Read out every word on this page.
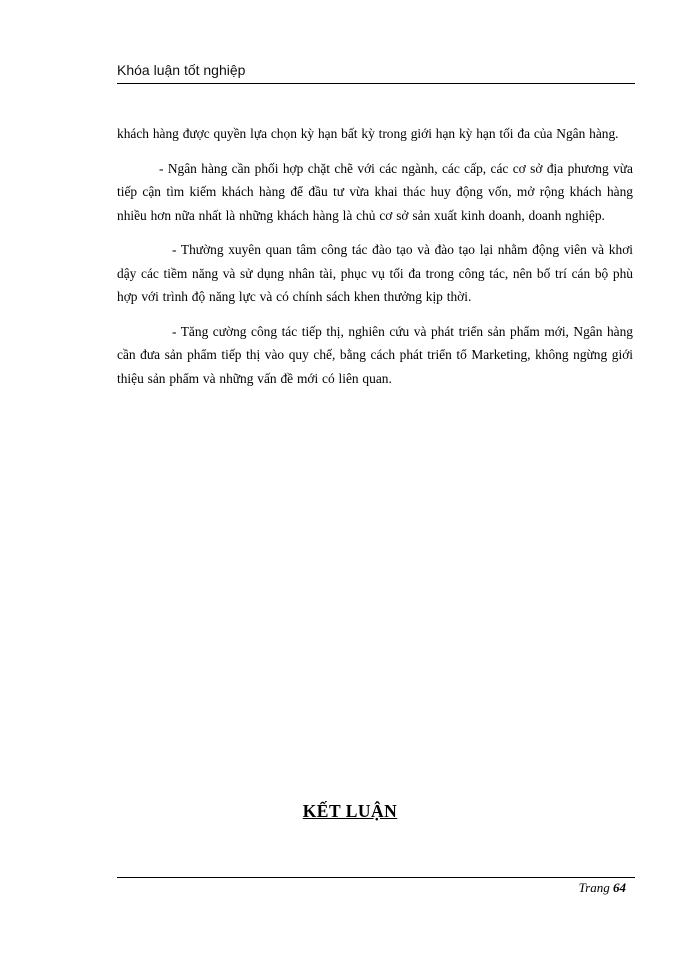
Khóa luận tốt nghiệp

khách hàng được quyền lựa chọn kỳ hạn bất kỳ trong giới hạn kỳ hạn tối đa của Ngân hàng.

- Ngân hàng cần phối hợp chặt chẽ với các ngành, các cấp, các cơ sở địa phương vừa tiếp cận tìm kiếm khách hàng để đầu tư vừa khai thác huy động vốn, mở rộng khách hàng nhiều hơn nữa nhất là những khách hàng là chủ cơ sở sản xuất kinh doanh, doanh nghiệp.

- Thường xuyên quan tâm công tác đào tạo và đào tạo lại nhằm động viên và khơi dậy các tiềm năng và sử dụng nhân tài, phục vụ tối đa trong công tác, nên bố trí cán bộ phù hợp với trình độ năng lực và có chính sách khen thưởng kịp thời.

- Tăng cường công tác tiếp thị, nghiên cứu và phát triển sản phẩm mới, Ngân hàng cần đưa sản phẩm tiếp thị vào quy chế, bằng cách phát triển tổ Marketing, không ngừng giới thiệu sản phẩm và những vấn đề mới có liên quan.

KẾT LUẬN
Trang 64
